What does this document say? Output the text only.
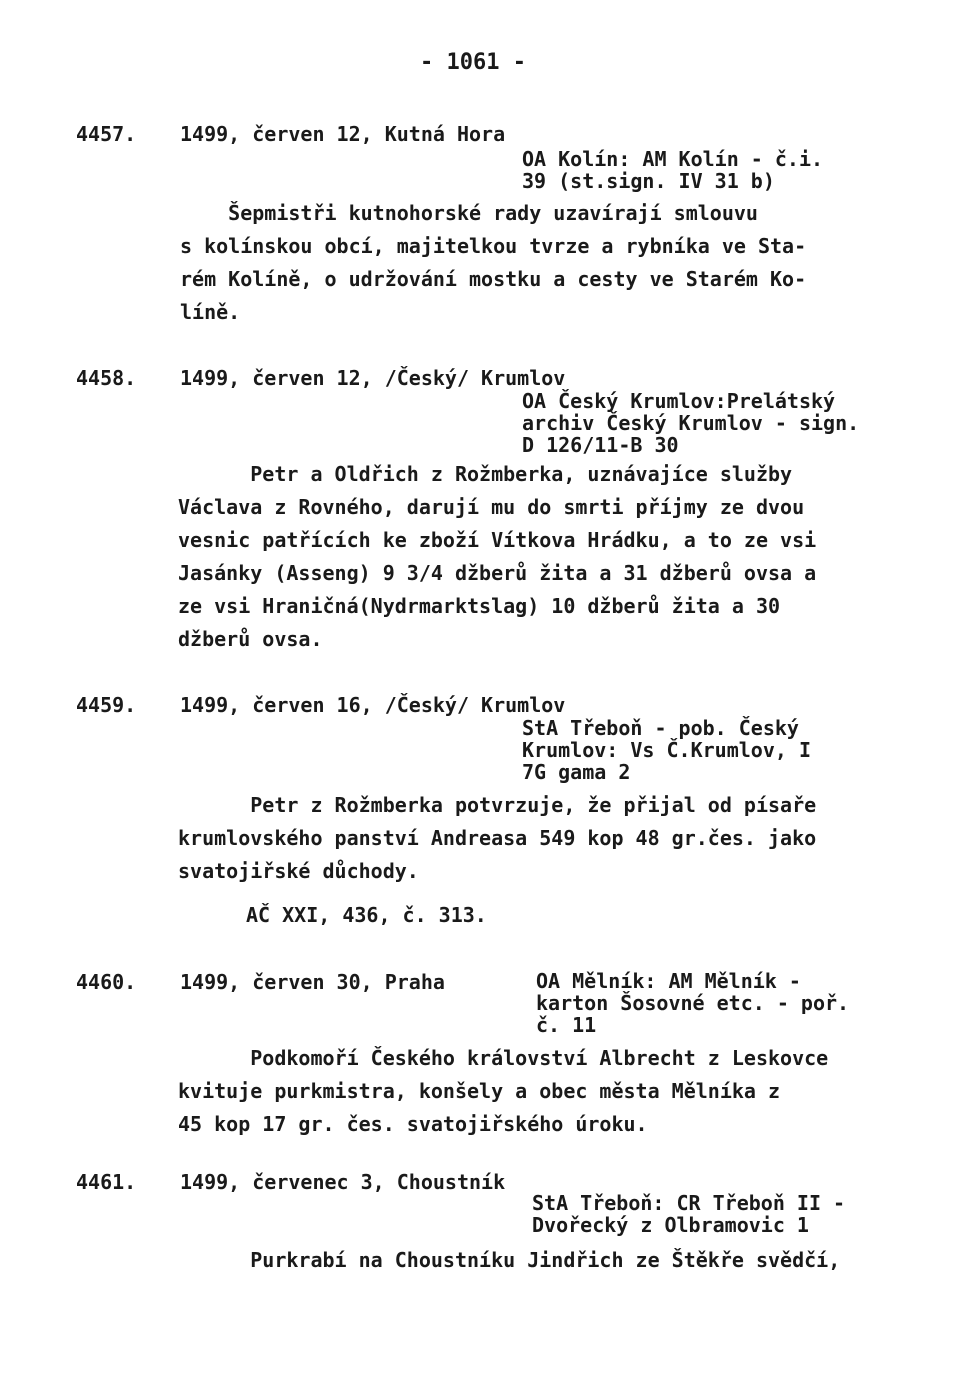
- 1061 -
4457. 1499, červen 12, Kutná Hora
OA Kolín: AM Kolín - č.i.
39 (st.sign. IV 31 b)
Šepmistři kutnohorské rady uzavírají smlouvu
s kolínskou obcí, majitelkou tvrze a rybníka ve Sta-
rém Kolíně, o udržování mostku a cesty ve Starém Ko-
líně.
4458. 1499, červen 12, /Český/ Krumlov
OA Český Krumlov:Prelátský
archiv Český Krumlov - sign.
D 126/11-B 30
Petr a Oldřich z Rožmberka, uznávajíce služby
Václava z Rovného, darují mu do smrti příjmy ze dvou
vesnic patřících ke zboží Vítkova Hrádku, a to ze vsi
Jasánky (Asseng) 9 3/4 džberů žita a 31 džberů ovsa a
ze vsi Hraničná(Nydrmarktslag) 10 džberů žita a 30
džberů ovsa.
4459. 1499, červen 16, /Český/ Krumlov
StA Třeboň - pob. Český
Krumlov: Vs Č.Krumlov, I
7G gama 2
Petr z Rožmberka potvrzuje, že přijal od písaře
krumlovského panství Andreasa 549 kop 48 gr.čes. jako
svatojiřské důchody.
AČ XXI, 436, č. 313.
4460. 1499, červen 30, Praha	OA Mělník: AM Mělník -
karton Šosovné etc. - poř.
č. 11
Podkomoří Českého království Albrecht z Leskovce
kvituje purkmistra, konšely a obec města Mělníka z
45 kop 17 gr. čes. svatojiřského úroku.
4461. 1499, červenec 3, Choustník
StA Třeboň: CR Třeboň II -
Dvořecký z Olbramovic 1
Purkrabí na Choustníku Jindřich ze Štěkře svědčí,
